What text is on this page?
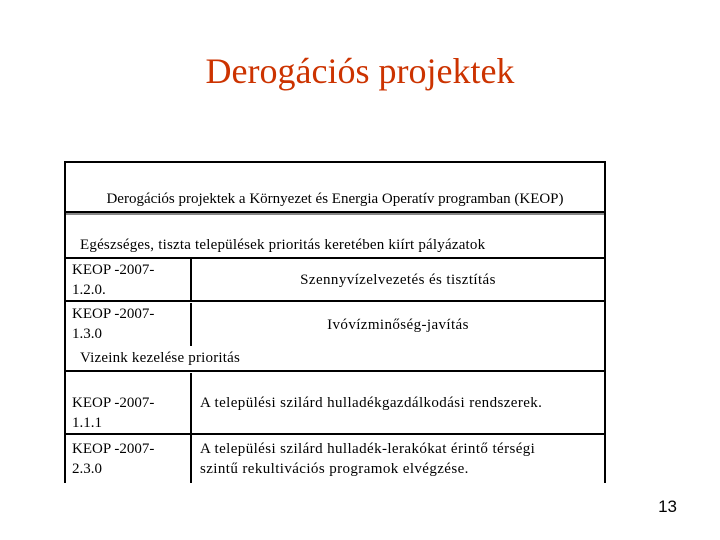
Derogációs projektek
Derogációs projektek a Környezet és Energia Operatív programban (KEOP)
Egészséges, tiszta települések prioritás keretében kiírt pályázatok
KEOP -2007-
1.2.0.
Szennyvízelvezetés és tisztítás
KEOP -2007-
1.3.0
Ivóvízminőség-javítás
Vizeink kezelése prioritás
KEOP -2007-
1.1.1
A települési szilárd hulladékgazdálkodási rendszerek.
KEOP -2007-
2.3.0
A települési szilárd hulladék-lerakókat érintő térségi
szintű rekultivációs programok elvégzése.
13
